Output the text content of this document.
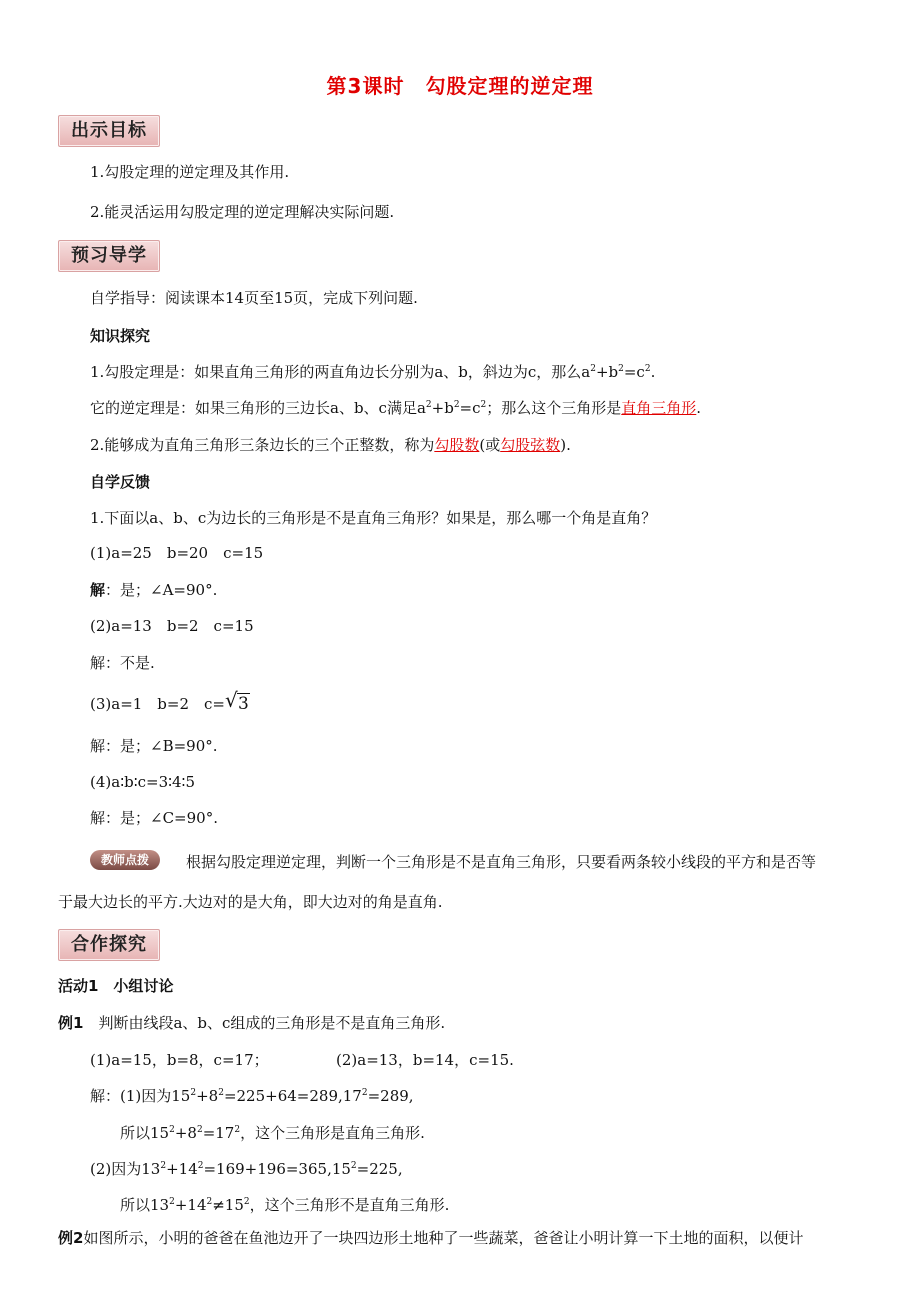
第3课时　勾股定理的逆定理
出示目标
1.勾股定理的逆定理及其作用.
2.能灵活运用勾股定理的逆定理解决实际问题.
预习导学
自学指导：阅读课本14页至15页，完成下列问题.
知识探究
1.勾股定理是：如果直角三角形的两直角边长分别为a、b，斜边为c，那么$a^2+b^2=c^2$.
它的逆定理是：如果三角形的三边长a、b、c满足$a^2+b^2=c^2$；那么这个三角形是直角三角形.
2.能够成为直角三角形三条边长的三个正整数，称为勾股数(或勾股弦数).
自学反馈
1.下面以a、b、c为边长的三角形是不是直角三角形？如果是，那么哪一个角是直角？
(1)a=25　b=20　c=15
解：是；∠A=90°.
(2)a=13　b=2　c=15
解：不是.
(3)a=1　b=2　c= √ 3
解：是；∠B=90°.
(4)a∶b∶c=3∶4∶5
解：是；∠C=90°.
教师点拨	根据勾股定理逆定理，判断一个三角形是不是直角三角形，只要看两条较小线段的平方和是否等
于最大边长的平方.大边对的是大角，即大边对的角是直角.
合作探究
活动1　小组讨论
例1　判断由线段a、b、c组成的三角形是不是直角三角形.
(1)a=15，b=8，c=17；	(2)a=13，b=14，c=15.
解：(1)因为$15^2+8^2=225+64=289,17^2=289$,
所以$15^2+8^2=17^2$，这个三角形是直角三角形.
(2)因为$13^2+14^2=169+196=365,15^2=225$,
所以$13^2+14^2\ne 15^2$，这个三角形不是直角三角形.
例2如图所示，小明的爸爸在鱼池边开了一块四边形土地种了一些蔬菜，爸爸让小明计算一下土地的面积，以便计
